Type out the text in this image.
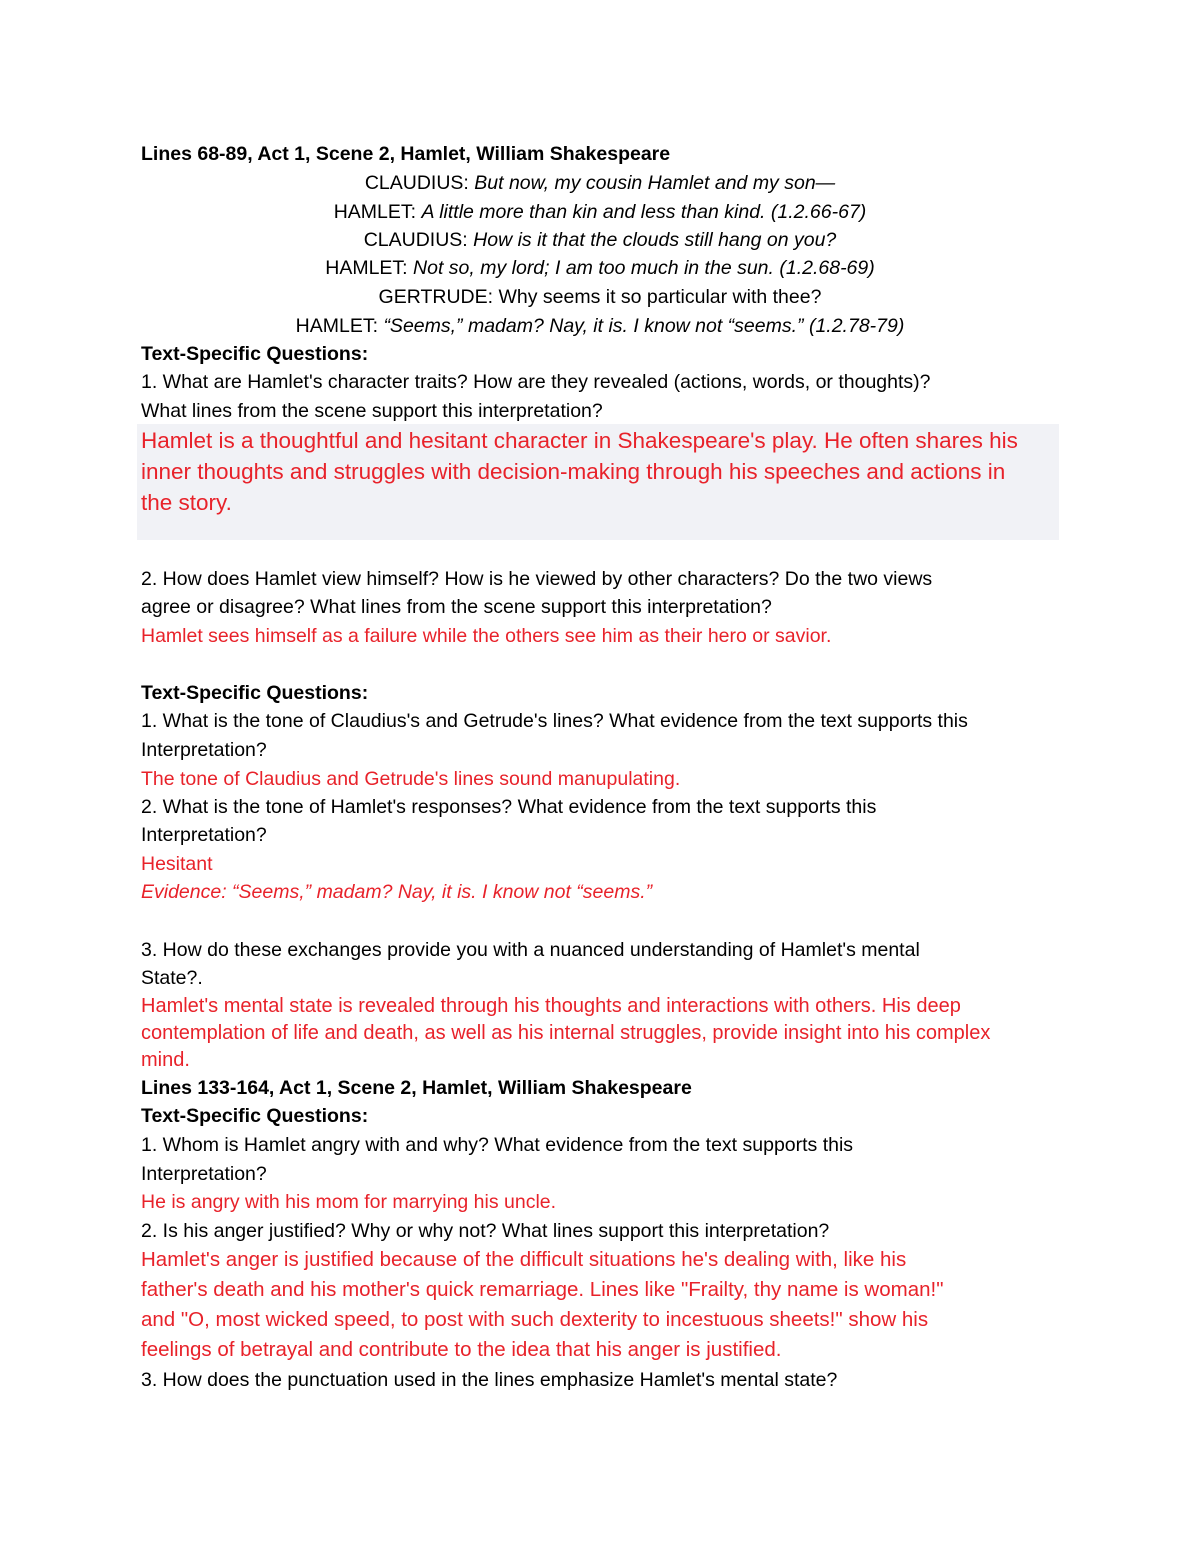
Lines 68-89, Act 1, Scene 2, Hamlet, William Shakespeare
CLAUDIUS: But now, my cousin Hamlet and my son—
HAMLET: A little more than kin and less than kind. (1.2.66-67)
CLAUDIUS: How is it that the clouds still hang on you?
HAMLET: Not so, my lord; I am too much in the sun. (1.2.68-69)
GERTRUDE: Why seems it so particular with thee?
HAMLET: “Seems,” madam? Nay, it is. I know not “seems.” (1.2.78-79)
Text-Specific Questions:
1. What are Hamlet's character traits? How are they revealed (actions, words, or thoughts)?
What lines from the scene support this interpretation?
Hamlet is a thoughtful and hesitant character in Shakespeare's play. He often shares his
inner thoughts and struggles with decision-making through his speeches and actions in
the story.
2. How does Hamlet view himself? How is he viewed by other characters? Do the two views
agree or disagree? What lines from the scene support this interpretation?
Hamlet sees himself as a failure while the others see him as their hero or savior.
Text-Specific Questions:
1. What is the tone of Claudius's and Getrude's lines? What evidence from the text supports this
Interpretation?
The tone of Claudius and Getrude's lines sound manupulating.
2. What is the tone of Hamlet's responses? What evidence from the text supports this
Interpretation?
Hesitant
Evidence: “Seems,” madam? Nay, it is. I know not “seems.”
3. How do these exchanges provide you with a nuanced understanding of Hamlet's mental
State?.
Hamlet's mental state is revealed through his thoughts and interactions with others. His deep
contemplation of life and death, as well as his internal struggles, provide insight into his complex
mind.
Lines 133-164, Act 1, Scene 2, Hamlet, William Shakespeare
Text-Specific Questions:
1. Whom is Hamlet angry with and why? What evidence from the text supports this
Interpretation?
He is angry with his mom for marrying his uncle.
2. Is his anger justified? Why or why not? What lines support this interpretation?
Hamlet's anger is justified because of the difficult situations he's dealing with, like his
father's death and his mother's quick remarriage. Lines like "Frailty, thy name is woman!"
and "O, most wicked speed, to post with such dexterity to incestuous sheets!" show his
feelings of betrayal and contribute to the idea that his anger is justified.
3. How does the punctuation used in the lines emphasize Hamlet's mental state?
